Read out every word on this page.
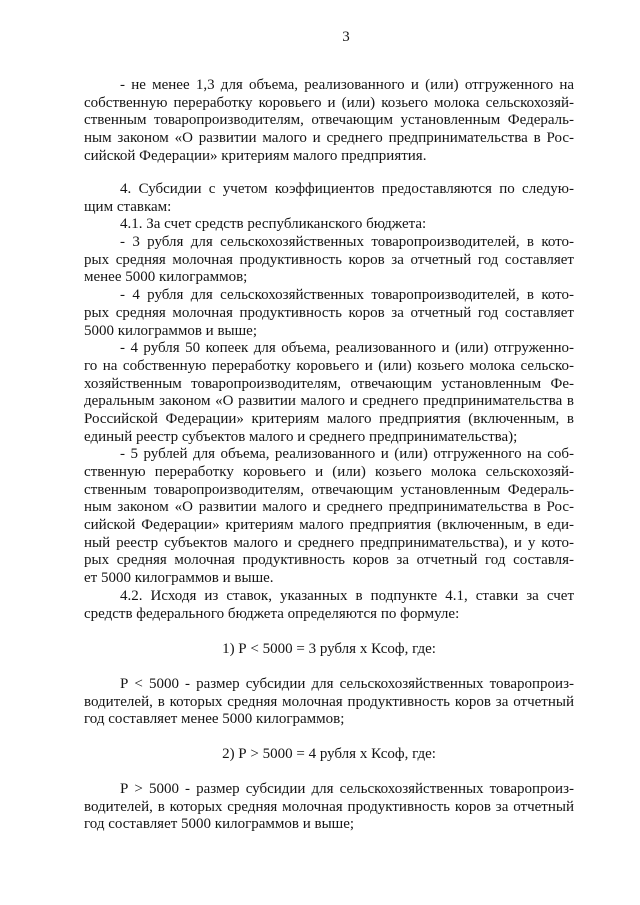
3
- не менее 1,3 для объема, реализованного и (или) отгруженного на
собственную переработку коровьего и (или) козьего молока сельскохозяй-
ственным товаропроизводителям, отвечающим установленным Федераль-
ным законом «О развитии малого и среднего предпринимательства в Рос-
сийской Федерации» критериям малого предприятия.
4. Субсидии с учетом коэффициентов предоставляются по следую-
щим ставкам:
4.1. За счет средств республиканского бюджета:
- 3 рубля для сельскохозяйственных товаропроизводителей, в кото-
рых средняя молочная продуктивность коров за отчетный год составляет
менее 5000 килограммов;
- 4 рубля для сельскохозяйственных товаропроизводителей, в кото-
рых средняя молочная продуктивность коров за отчетный год составляет
5000 килограммов и выше;
- 4 рубля 50 копеек для объема, реализованного и (или) отгруженно-
го на собственную переработку коровьего и (или) козьего молока сельско-
хозяйственным товаропроизводителям, отвечающим установленным Фе-
деральным законом «О развитии малого и среднего предпринимательства в
Российской Федерации» критериям малого предприятия (включенным, в
единый реестр субъектов малого и среднего предпринимательства);
- 5 рублей для объема, реализованного и (или) отгруженного на соб-
ственную переработку коровьего и (или) козьего молока сельскохозяй-
ственным товаропроизводителям, отвечающим установленным Федераль-
ным законом «О развитии малого и среднего предпринимательства в Рос-
сийской Федерации» критериям малого предприятия (включенным, в еди-
ный реестр субъектов малого и среднего предпринимательства), и у кото-
рых средняя молочная продуктивность коров за отчетный год составля-
ет 5000 килограммов и выше.
4.2. Исходя из ставок, указанных в подпункте 4.1, ставки за счет
средств федерального бюджета определяются по формуле:
1) Р < 5000 = 3 рубля х Ксоф, где:
Р < 5000 - размер субсидии для сельскохозяйственных товаропроиз-
водителей, в которых средняя молочная продуктивность коров за отчетный
год составляет менее 5000 килограммов;
2) Р > 5000 = 4 рубля х Ксоф, где:
Р > 5000 - размер субсидии для сельскохозяйственных товаропроиз-
водителей, в которых средняя молочная продуктивность коров за отчетный
год составляет 5000 килограммов и выше;
